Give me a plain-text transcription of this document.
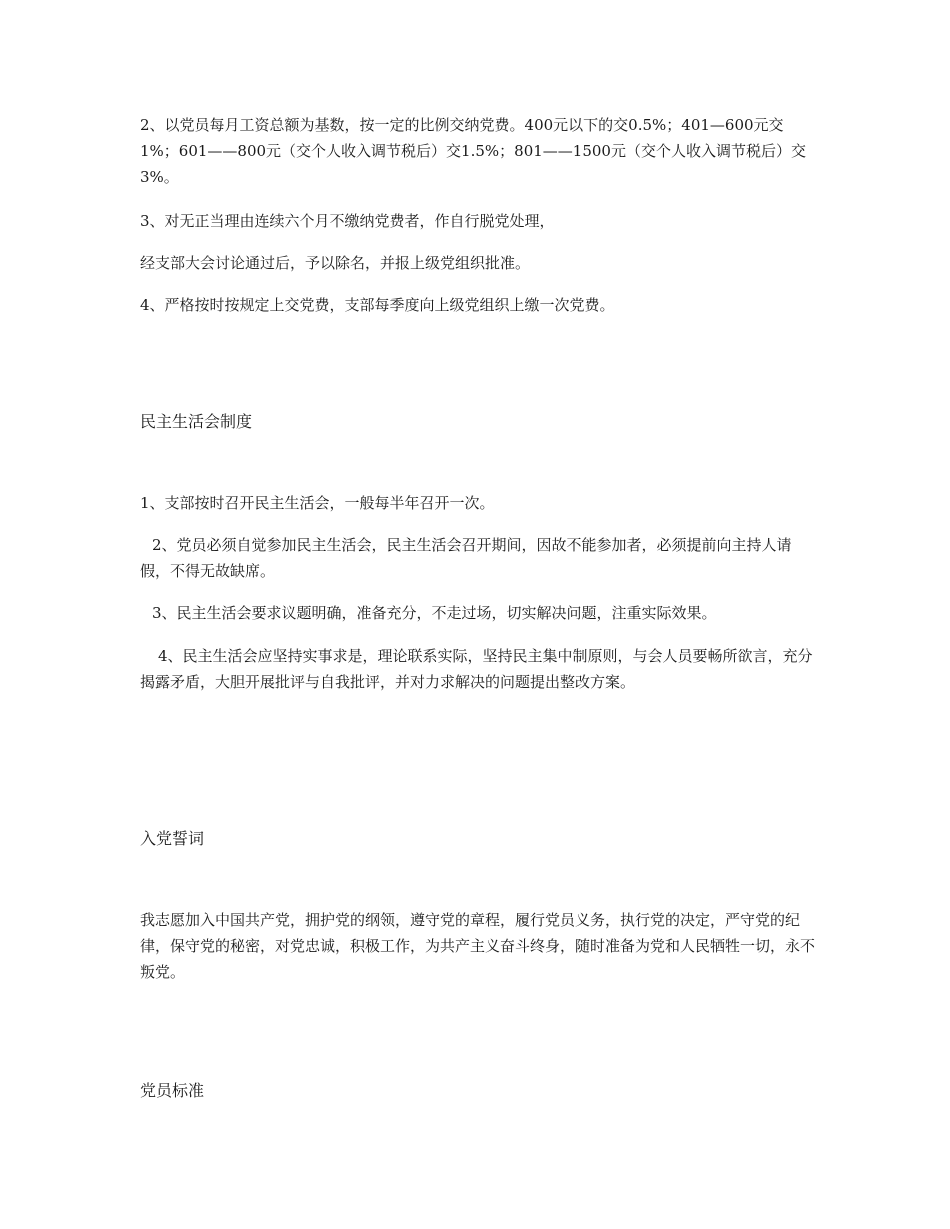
2、以党员每月工资总额为基数，按一定的比例交纳党费。400元以下的交0.5%；401—600元交1%；601——800元（交个人收入调节税后）交1.5%；801——1500元（交个人收入调节税后）交3%。

3、对无正当理由连续六个月不缴纳党费者，作自行脱党处理，

经支部大会讨论通过后，予以除名，并报上级党组织批准。

4、严格按时按规定上交党费，支部每季度向上级党组织上缴一次党费。

民主生活会制度

1、支部按时召开民主生活会，一般每半年召开一次。

2、党员必须自觉参加民主生活会，民主生活会召开期间，因故不能参加者，必须提前向主持人请假，不得无故缺席。

3、民主生活会要求议题明确，准备充分，不走过场，切实解决问题，注重实际效果。

4、民主生活会应坚持实事求是，理论联系实际，坚持民主集中制原则，与会人员要畅所欲言，充分揭露矛盾，大胆开展批评与自我批评，并对力求解决的问题提出整改方案。

入党誓词

我志愿加入中国共产党，拥护党的纲领，遵守党的章程，履行党员义务，执行党的决定，严守党的纪律，保守党的秘密，对党忠诚，积极工作，为共产主义奋斗终身，随时准备为党和人民牺牲一切，永不叛党。

党员标准
